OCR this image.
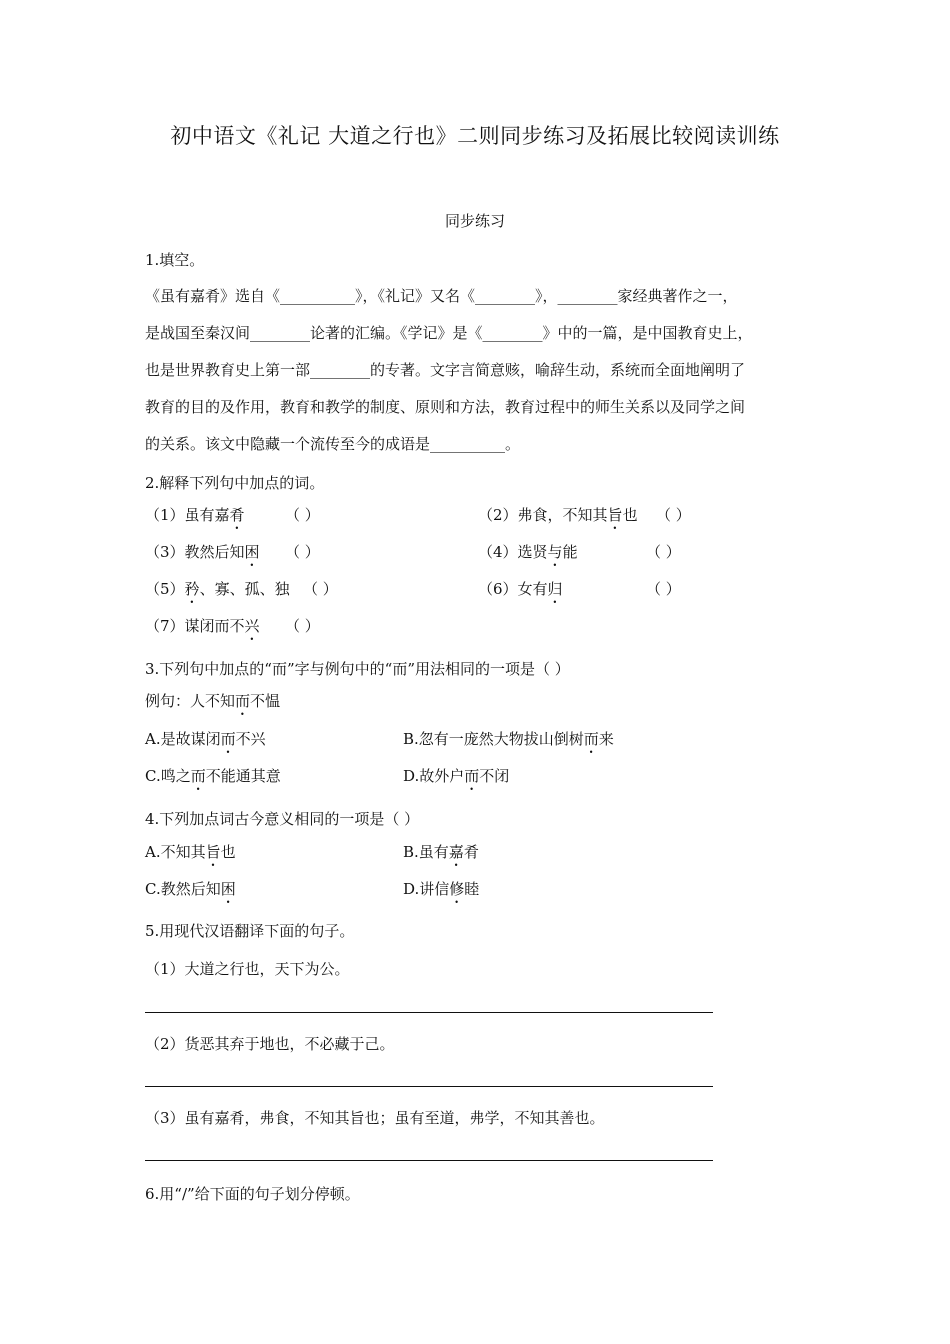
初中语文《礼记 大道之行也》二则同步练习及拓展比较阅读训练
同步练习
1.填空。
《虽有嘉肴》选自《__________》，《礼记》又名《________》，________家经典著作之一，
是战国至秦汉间________论著的汇编。《学记》是《________》中的一篇，是中国教育史上，
也是世界教育史上第一部________的专著。文字言简意赅，喻辞生动，系统而全面地阐明了
教育的目的及作用，教育和教学的制度、原则和方法，教育过程中的师生关系以及同学之间
的关系。该文中隐藏一个流传至今的成语是__________。
2.解释下列句中加点的词。
（1）虽有嘉肴	（ ）	（2）弗食，不知其旨也 （ ）
（3）教然后知困 （ ）	（4）选贤与能	（ ）
（5）矜、寡、孤、独 （ ）	（6）女有归	（ ）
（7）谋闭而不兴 （ ）
3.下列句中加点的“而”字与例句中的“而”用法相同的一项是（ ）
例句：人不知而不愠
A.是故谋闭而不兴	B.忽有一庞然大物拔山倒树而来
C.鸣之而不能通其意	D.故外户而不闭
4.下列加点词古今意义相同的一项是（ ）
A.不知其旨也	B.虽有嘉肴
C.教然后知困	D.讲信修睦
5.用现代汉语翻译下面的句子。
（1）大道之行也，天下为公。
（2）货恶其弃于地也，不必藏于己。
（3）虽有嘉肴，弗食，不知其旨也；虽有至道，弗学，不知其善也。
6.用“/”给下面的句子划分停顿。
